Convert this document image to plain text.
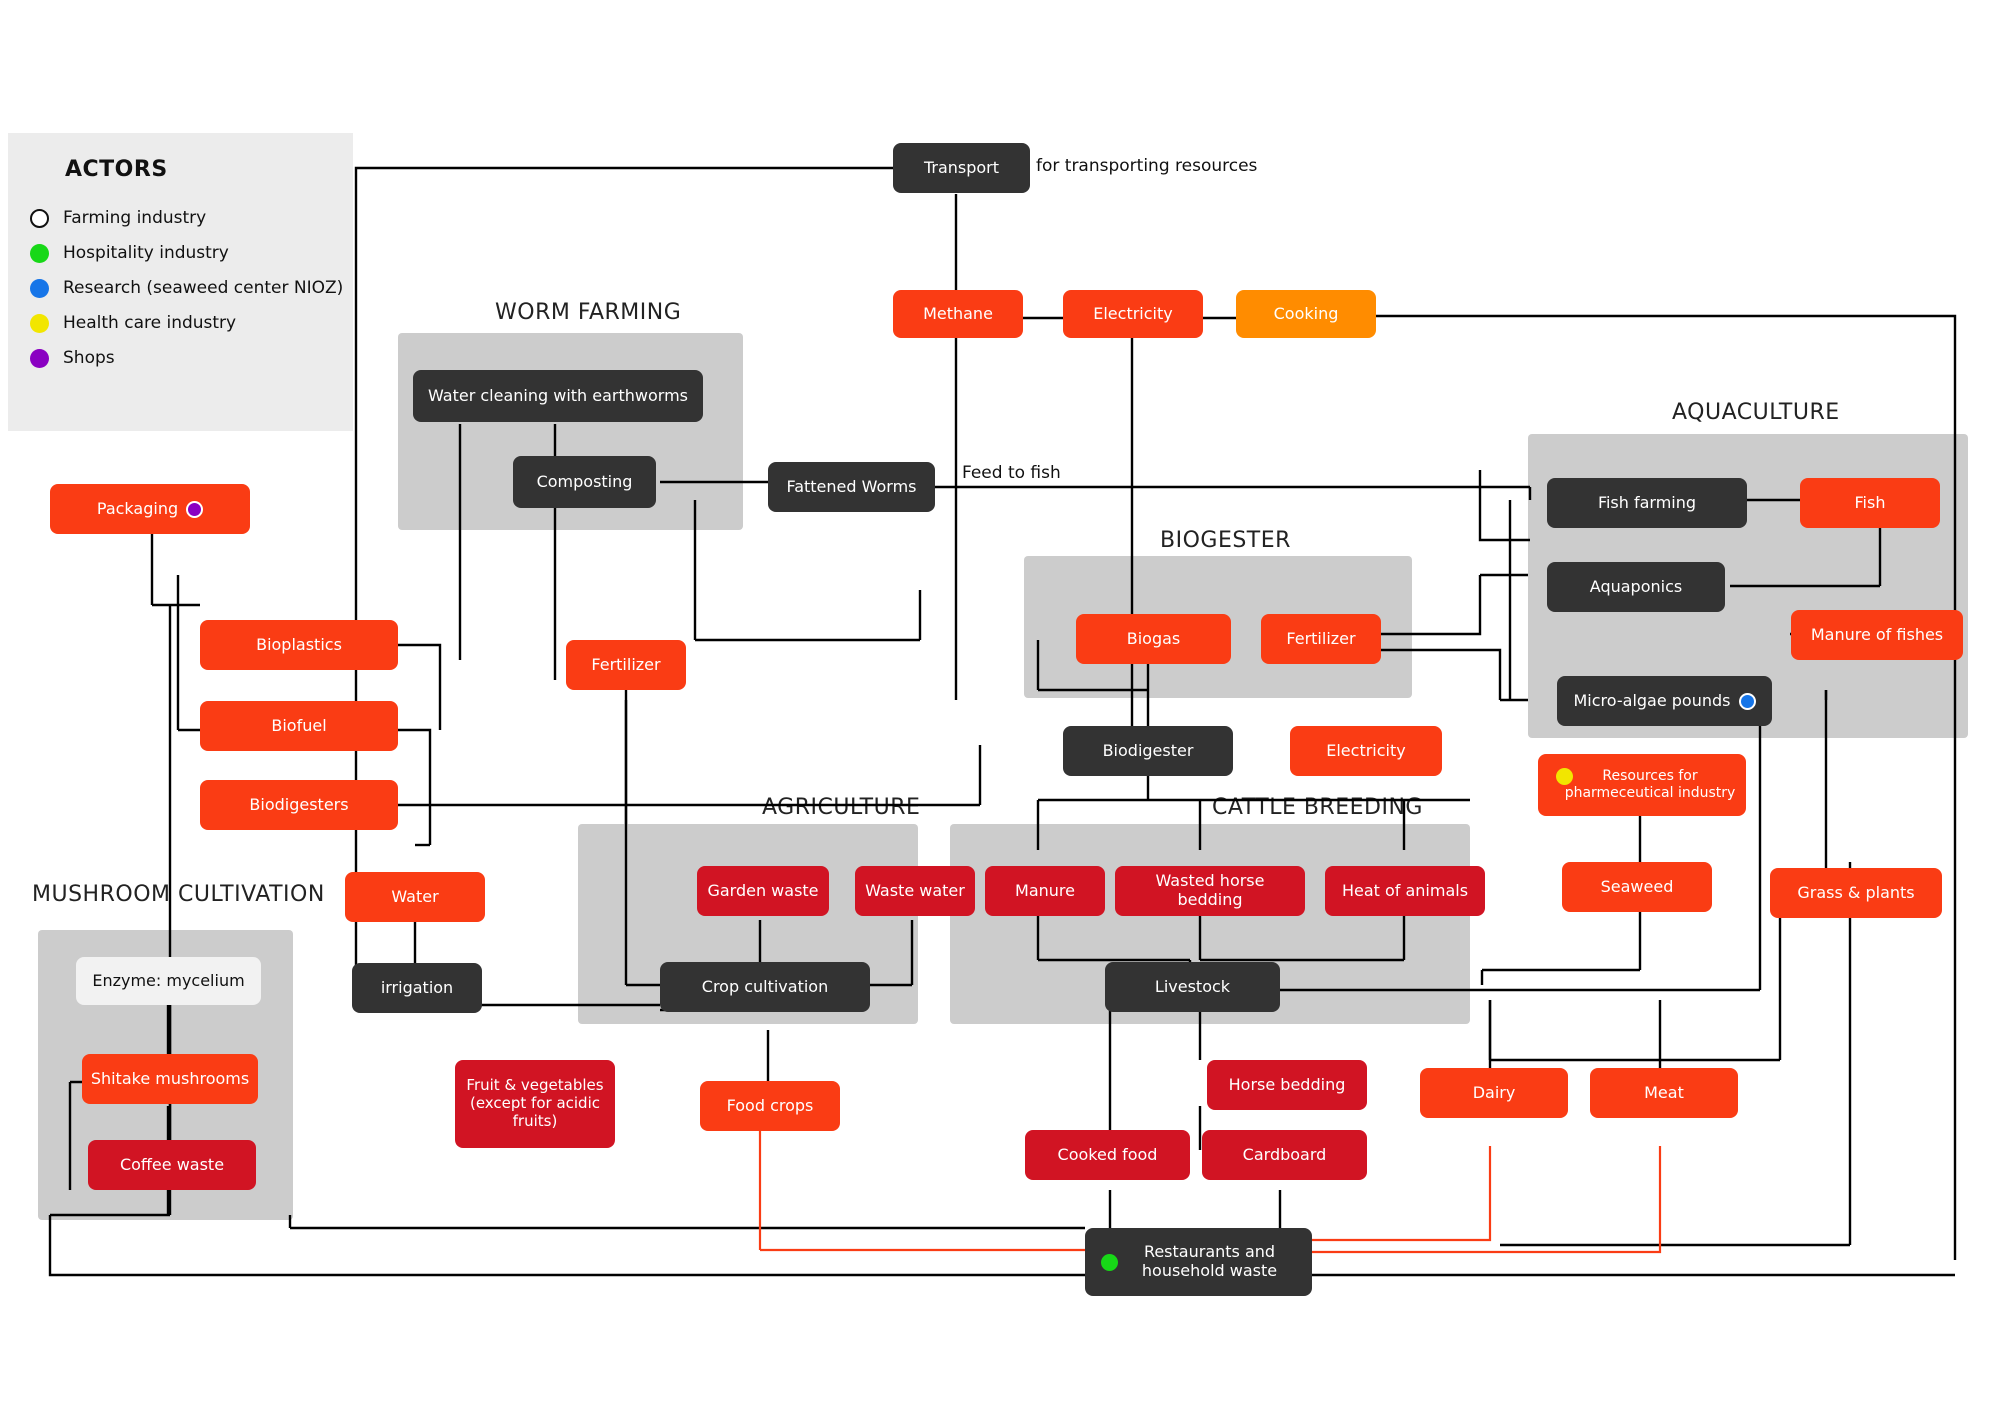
WORM FARMING
AQUACULTURE
BIOGESTER
AGRICULTURE	CATTLE BREEDING
MUSHROOM CULTIVATION
ACTORS
Farming industry
Hospitality industry
Research (seaweed center NIOZ)
Health care industry
Shops
for transporting resources
Feed to fish
Transport
Methane	Electricity	Cooking
Water cleaning with earthworms
Composting	Fattened Worms
Packaging
Bioplastics
Biofuel
Biodigesters
Fertilizer
Water
irrigation
Fish farming	Fish
Aquaponics
Manure of fishes
Micro-algae pounds
Biogas	Fertilizer
Biodigester	Electricity
Resources for pharmeceutical industry
Seaweed	Grass & plants
Garden waste	Waste water	Manure	Wasted horse bedding	Heat of animals
Crop cultivation	Livestock
Enzyme: mycelium
Shitake mushrooms
Coffee waste
Fruit & vegetables (except for acidic fruits)
Food crops
Horse bedding
Cooked food	Cardboard
Dairy	Meat
Restaurants and household waste
